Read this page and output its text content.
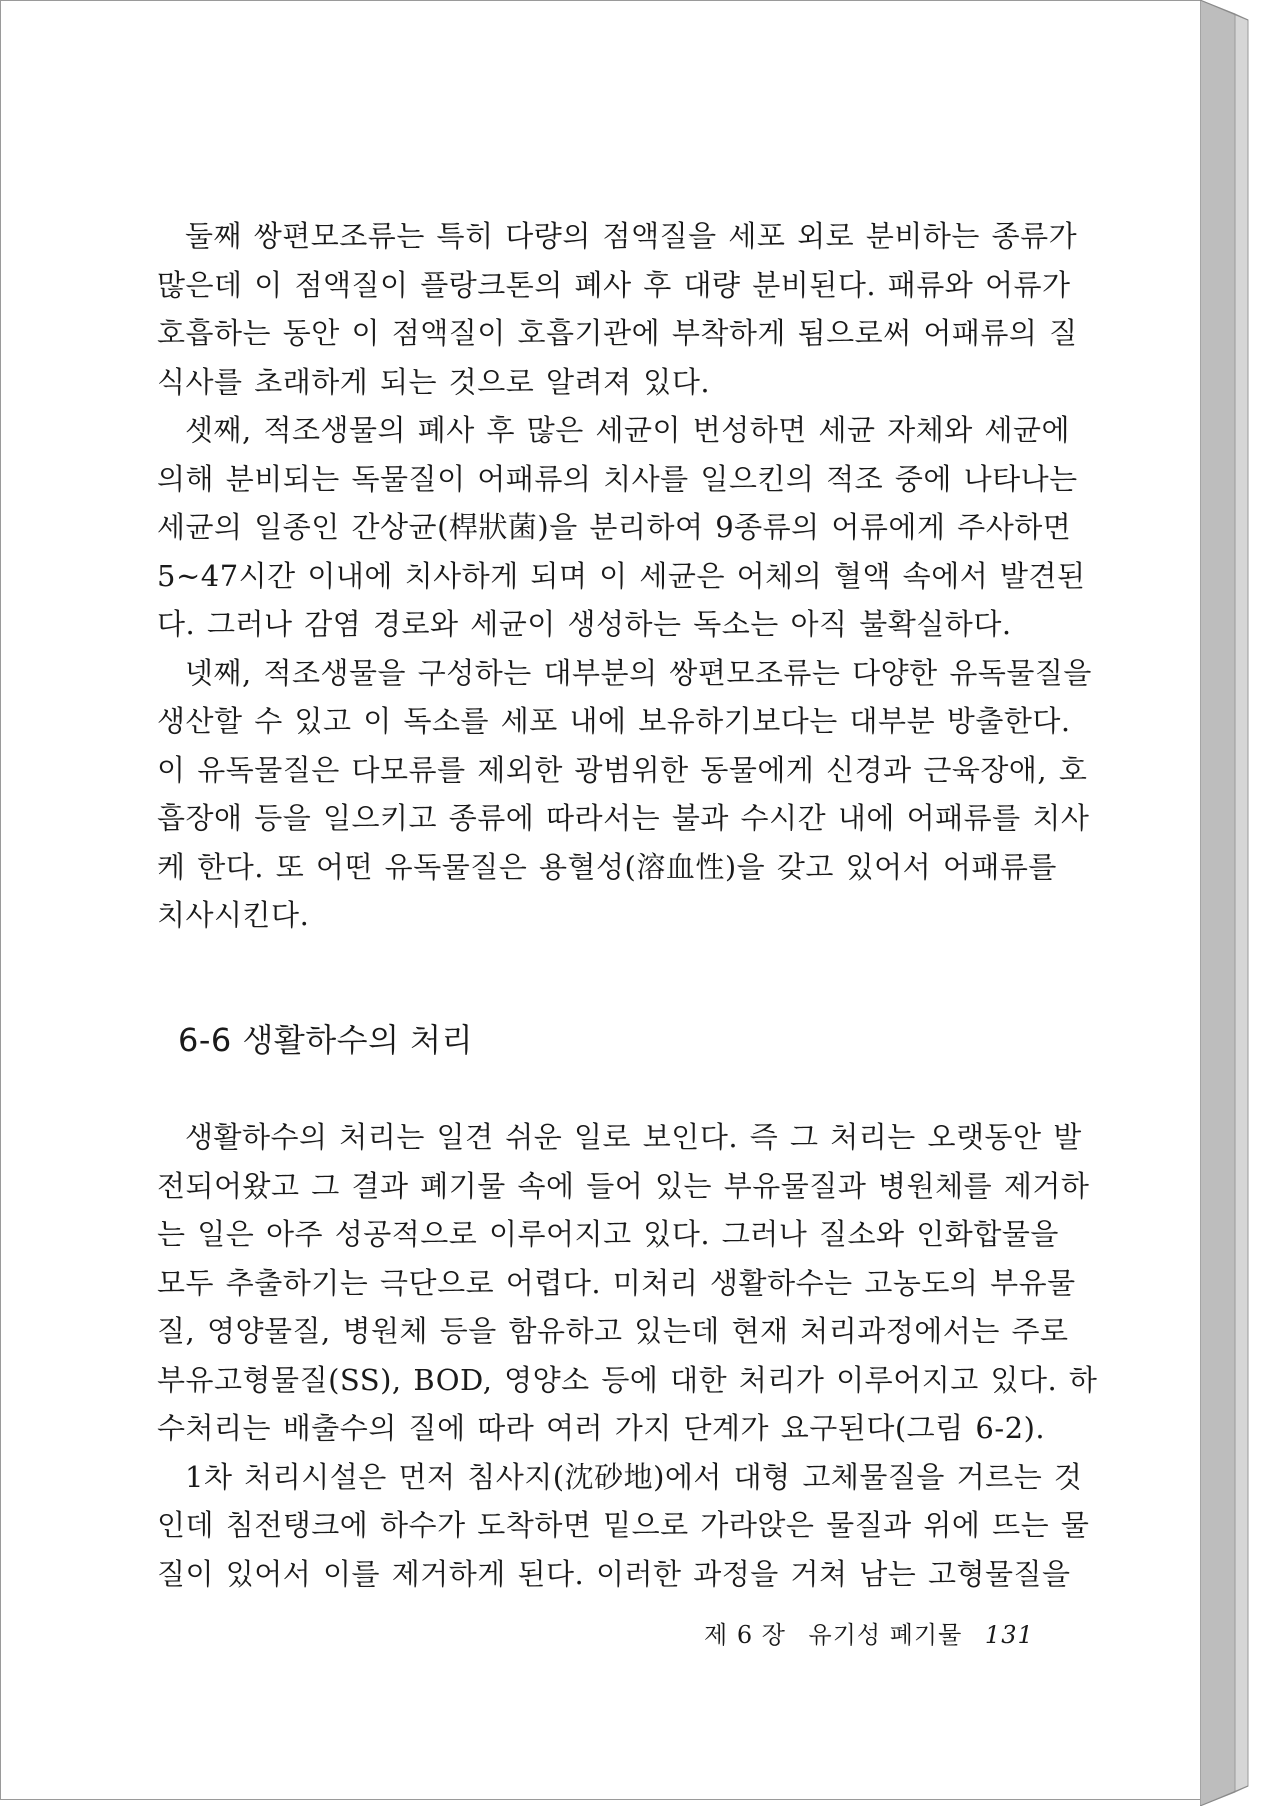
둘째 쌍편모조류는 특히 다량의 점액질을 세포 외로 분비하는 종류가
많은데 이 점액질이 플랑크톤의 폐사 후 대량 분비된다. 패류와 어류가
호흡하는 동안 이 점액질이 호흡기관에 부착하게 됨으로써 어패류의 질
식사를 초래하게 되는 것으로 알려져 있다.
셋째, 적조생물의 폐사 후 많은 세균이 번성하면 세균 자체와 세균에
의해 분비되는 독물질이 어패류의 치사를 일으킨의 적조 중에 나타나는
세균의 일종인 간상균(桿狀菌)을 분리하여 9종류의 어류에게 주사하면
5~47시간 이내에 치사하게 되며 이 세균은 어체의 혈액 속에서 발견된
다. 그러나 감염 경로와 세균이 생성하는 독소는 아직 불확실하다.
넷째, 적조생물을 구성하는 대부분의 쌍편모조류는 다양한 유독물질을
생산할 수 있고 이 독소를 세포 내에 보유하기보다는 대부분 방출한다.
이 유독물질은 다모류를 제외한 광범위한 동물에게 신경과 근육장애, 호
흡장애 등을 일으키고 종류에 따라서는 불과 수시간 내에 어패류를 치사
케 한다. 또 어떤 유독물질은 용혈성(溶血性)을 갖고 있어서 어패류를
치사시킨다.
6-6 생활하수의 처리
생활하수의 처리는 일견 쉬운 일로 보인다. 즉 그 처리는 오랫동안 발
전되어왔고 그 결과 폐기물 속에 들어 있는 부유물질과 병원체를 제거하
는 일은 아주 성공적으로 이루어지고 있다. 그러나 질소와 인화합물을
모두 추출하기는 극단으로 어렵다. 미처리 생활하수는 고농도의 부유물
질, 영양물질, 병원체 등을 함유하고 있는데 현재 처리과정에서는 주로
부유고형물질(SS), BOD, 영양소 등에 대한 처리가 이루어지고 있다. 하
수처리는 배출수의 질에 따라 여러 가지 단계가 요구된다(그림 6-2).
1차 처리시설은 먼저 침사지(沈砂地)에서 대형 고체물질을 거르는 것
인데 침전탱크에 하수가 도착하면 밑으로 가라앉은 물질과 위에 뜨는 물
질이 있어서 이를 제거하게 된다. 이러한 과정을 거쳐 남는 고형물질을
제 6 장 유기성 폐기물 131
